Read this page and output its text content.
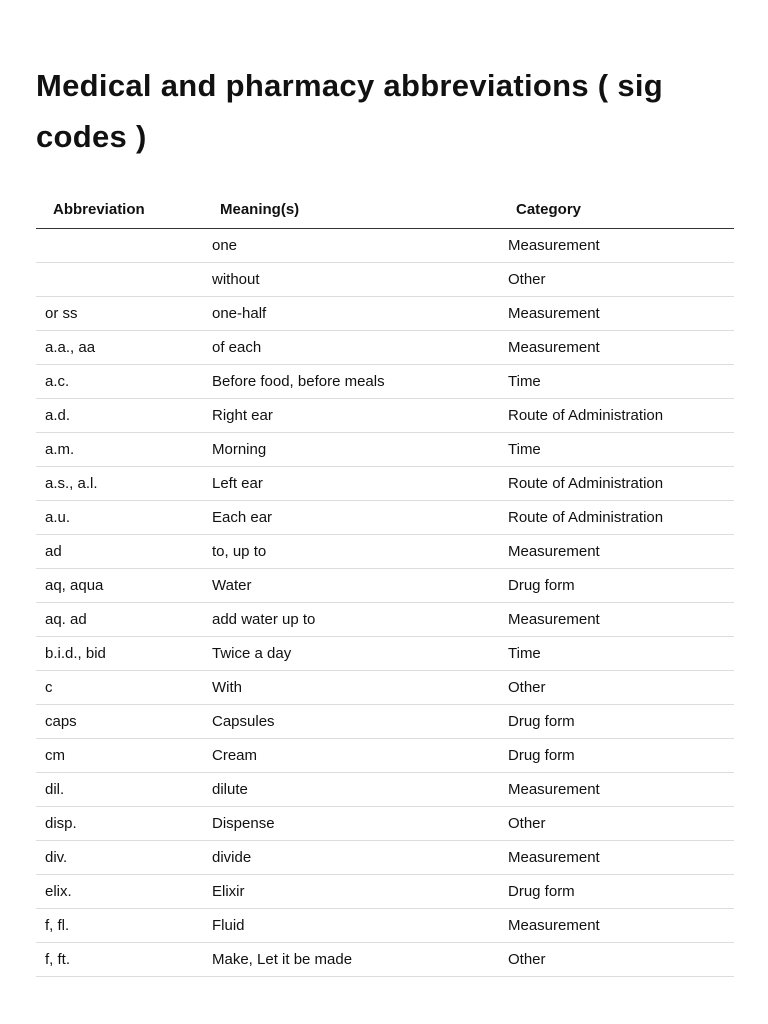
Medical and pharmacy abbreviations ( sig codes )
Abbreviation	Meaning(s)	Category
	one	Measurement
	without	Other
or ss	one-half	Measurement
a.a., aa	of each	Measurement
a.c.	Before food, before meals	Time
a.d.	Right ear	Route of Administration
a.m.	Morning	Time
a.s., a.l.	Left ear	Route of Administration
a.u.	Each ear	Route of Administration
ad	to, up to	Measurement
aq, aqua	Water	Drug form
aq. ad	add water up to	Measurement
b.i.d., bid	Twice a day	Time
c	With	Other
caps	Capsules	Drug form
cm	Cream	Drug form
dil.	dilute	Measurement
disp.	Dispense	Other
div.	divide	Measurement
elix.	Elixir	Drug form
f, fl.	Fluid	Measurement
f, ft.	Make, Let it be made	Other
